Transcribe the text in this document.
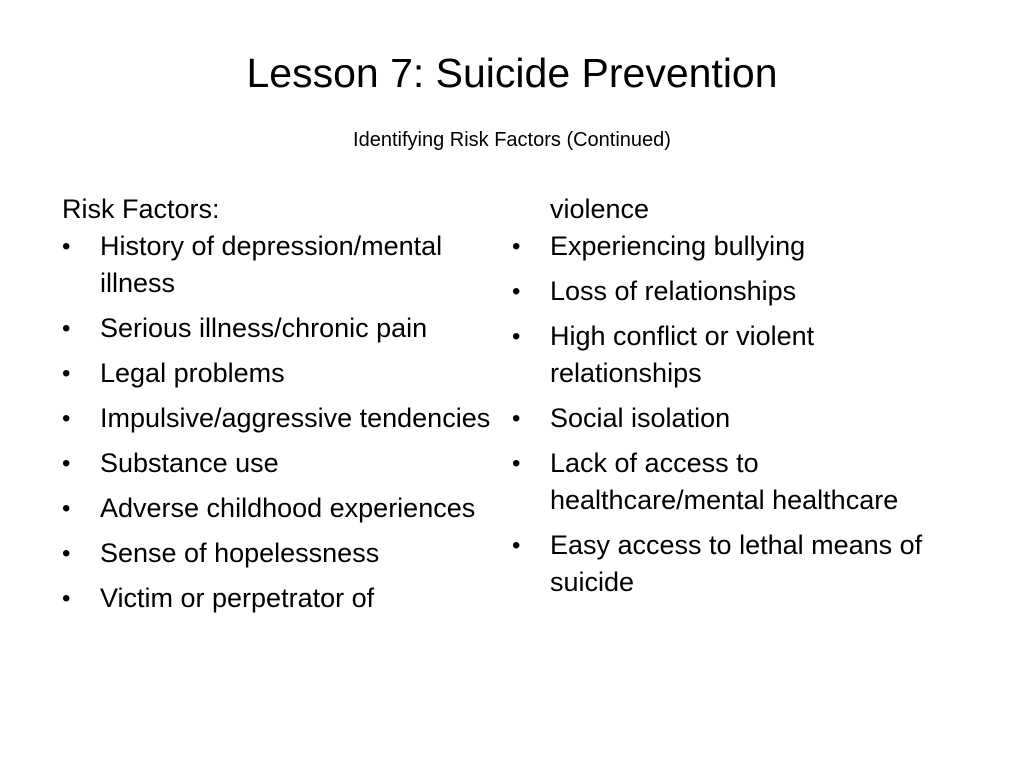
Lesson 7: Suicide Prevention
Identifying Risk Factors (Continued)
Risk Factors:
• History of depression/mental illness
• Serious illness/chronic pain
• Legal problems
• Impulsive/aggressive tendencies
• Substance use
• Adverse childhood experiences
• Sense of hopelessness
• Victim or perpetrator of
violence
• Experiencing bullying
• Loss of relationships
• High conflict or violent relationships
• Social isolation
• Lack of access to healthcare/mental healthcare
• Easy access to lethal means of suicide
